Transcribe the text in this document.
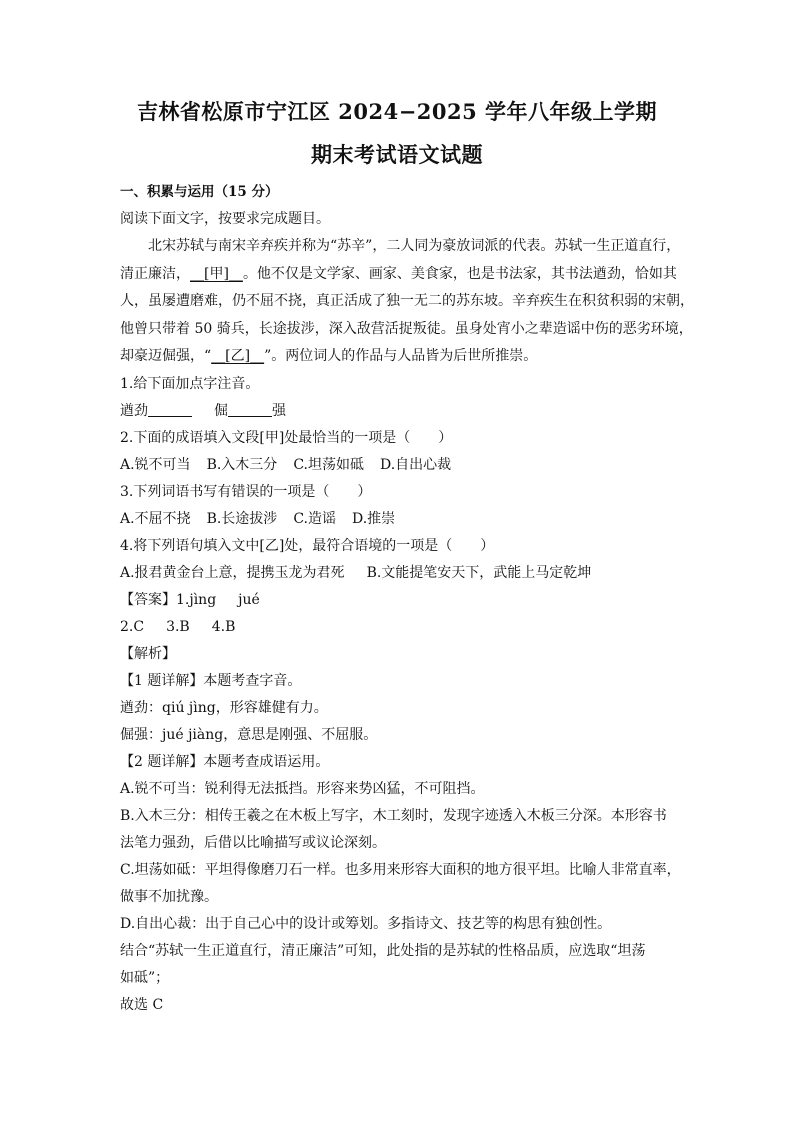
吉林省松原市宁江区 2024−2025 学年八年级上学期
期末考试语文试题
一、积累与运用（15 分）
阅读下面文字，按要求完成题目。
北宋苏轼与南宋辛弃疾并称为“苏辛”，二人同为豪放词派的代表。苏轼一生正道直行，
清正廉洁，__[甲]__。他不仅是文学家、画家、美食家，也是书法家，其书法遒劲，恰如其
人，虽屡遭磨难，仍不屈不挠，真正活成了独一无二的苏东坡。辛弃疾生在积贫积弱的宋朝，
他曾只带着 50 骑兵，长途拔涉，深入敌营活捉叛徒。虽身处宵小之辈造谣中伤的恶劣环境，
却豪迈倔强，“__[乙]__”。两位词人的作品与人品皆为后世所推崇。
1.给下面加点字注音。
遒劲	倔	强
2.下面的成语填入文段[甲]处最恰当的一项是（　　）
A.锐不可当 B.入木三分 C.坦荡如砥 D.自出心裁
3.下列词语书写有错误的一项是（　　）
A.不屈不挠 B.长途拔涉 C.造谣 D.推崇
4.将下列语句填入文中[乙]处，最符合语境的一项是（　　）
A.报君黄金台上意，提携玉龙为君死 B.文能提笔安天下，武能上马定乾坤
【答案】1.jìng jué
2.C 3.B 4.B
【解析】
【1 题详解】本题考查字音。
遒劲：qiú jìng，形容雄健有力。
倔强：jué jiàng，意思是刚强、不屈服。
【2 题详解】本题考查成语运用。
A.锐不可当：锐利得无法抵挡。形容来势凶猛，不可阻挡。
B.入木三分：相传王羲之在木板上写字，木工刻时，发现字迹透入木板三分深。本形容书
法笔力强劲，后借以比喻描写或议论深刻。
C.坦荡如砥：平坦得像磨刀石一样。也多用来形容大面积的地方很平坦。比喻人非常直率，
做事不加扰豫。
D.自出心裁：出于自己心中的设计或筹划。多指诗文、技艺等的构思有独创性。
结合“苏轼一生正道直行，清正廉洁”可知，此处指的是苏轼的性格品质，应选取“坦荡
如砥”；
故选 C
